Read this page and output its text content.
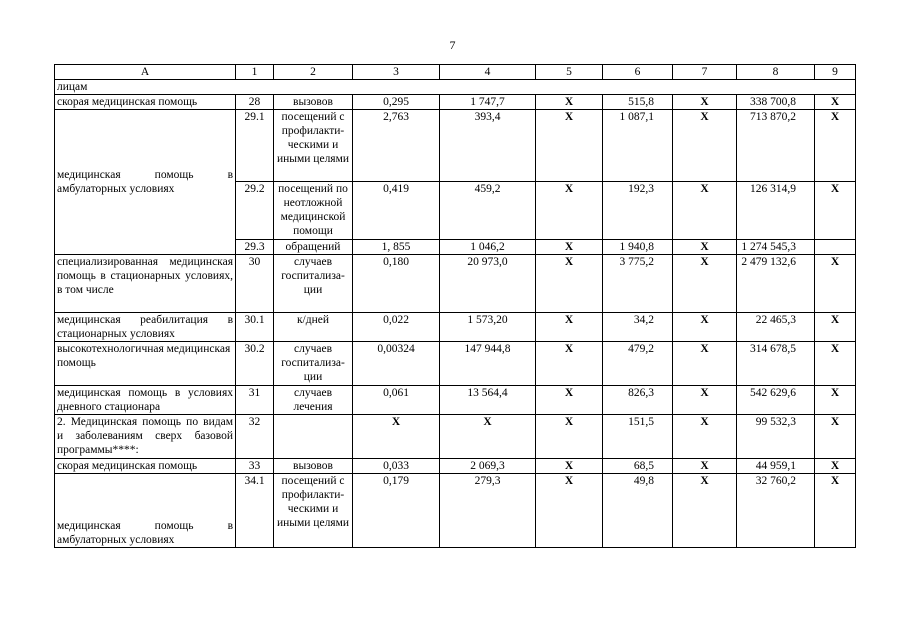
7
А	1	2	3	4	5	6	7	8	9
лицам									
скорая медицинская помощь	28	вызовов	0,295	1 747,7	Х	515,8	Х	338 700,8	Х
медицинская помощь в амбулаторных условиях	29.1	посещений с профилакти-ческими и иными целями	2,763	393,4	Х	1 087,1	Х	713 870,2	Х
	29.2	посещений по неотложной медицинской помощи	0,419	459,2	Х	192,3	Х	126 314,9	Х
	29.3	обращений	1, 855	1 046,2	Х	1 940,8	Х	1 274 545,3	
специализированная медицинская помощь в стационарных условиях, в том числе	30	случаев госпитализа-ции	0,180	20 973,0	Х	3 775,2	Х	2 479 132,6	Х
медицинская реабилитация в стационарных условиях	30.1	к/дней	0,022	1 573,20	Х	34,2	Х	22 465,3	Х
высокотехнологичная медицинская помощь	30.2	случаев госпитализа-ции	0,00324	147 944,8	Х	479,2	Х	314 678,5	Х
медицинская помощь в условиях дневного стационара	31	случаев лечения	0,061	13 564,4	Х	826,3	Х	542 629,6	Х
2. Медицинская помощь по видам и заболеваниям сверх базовой программы****:	32		Х	Х	Х	151,5	Х	99 532,3	Х
скорая медицинская помощь	33	вызовов	0,033	2 069,3	Х	68,5	Х	44 959,1	Х
медицинская помощь в амбулаторных условиях	34.1	посещений с профилакти-ческими и иными целями	0,179	279,3	Х	49,8	Х	32 760,2	Х
